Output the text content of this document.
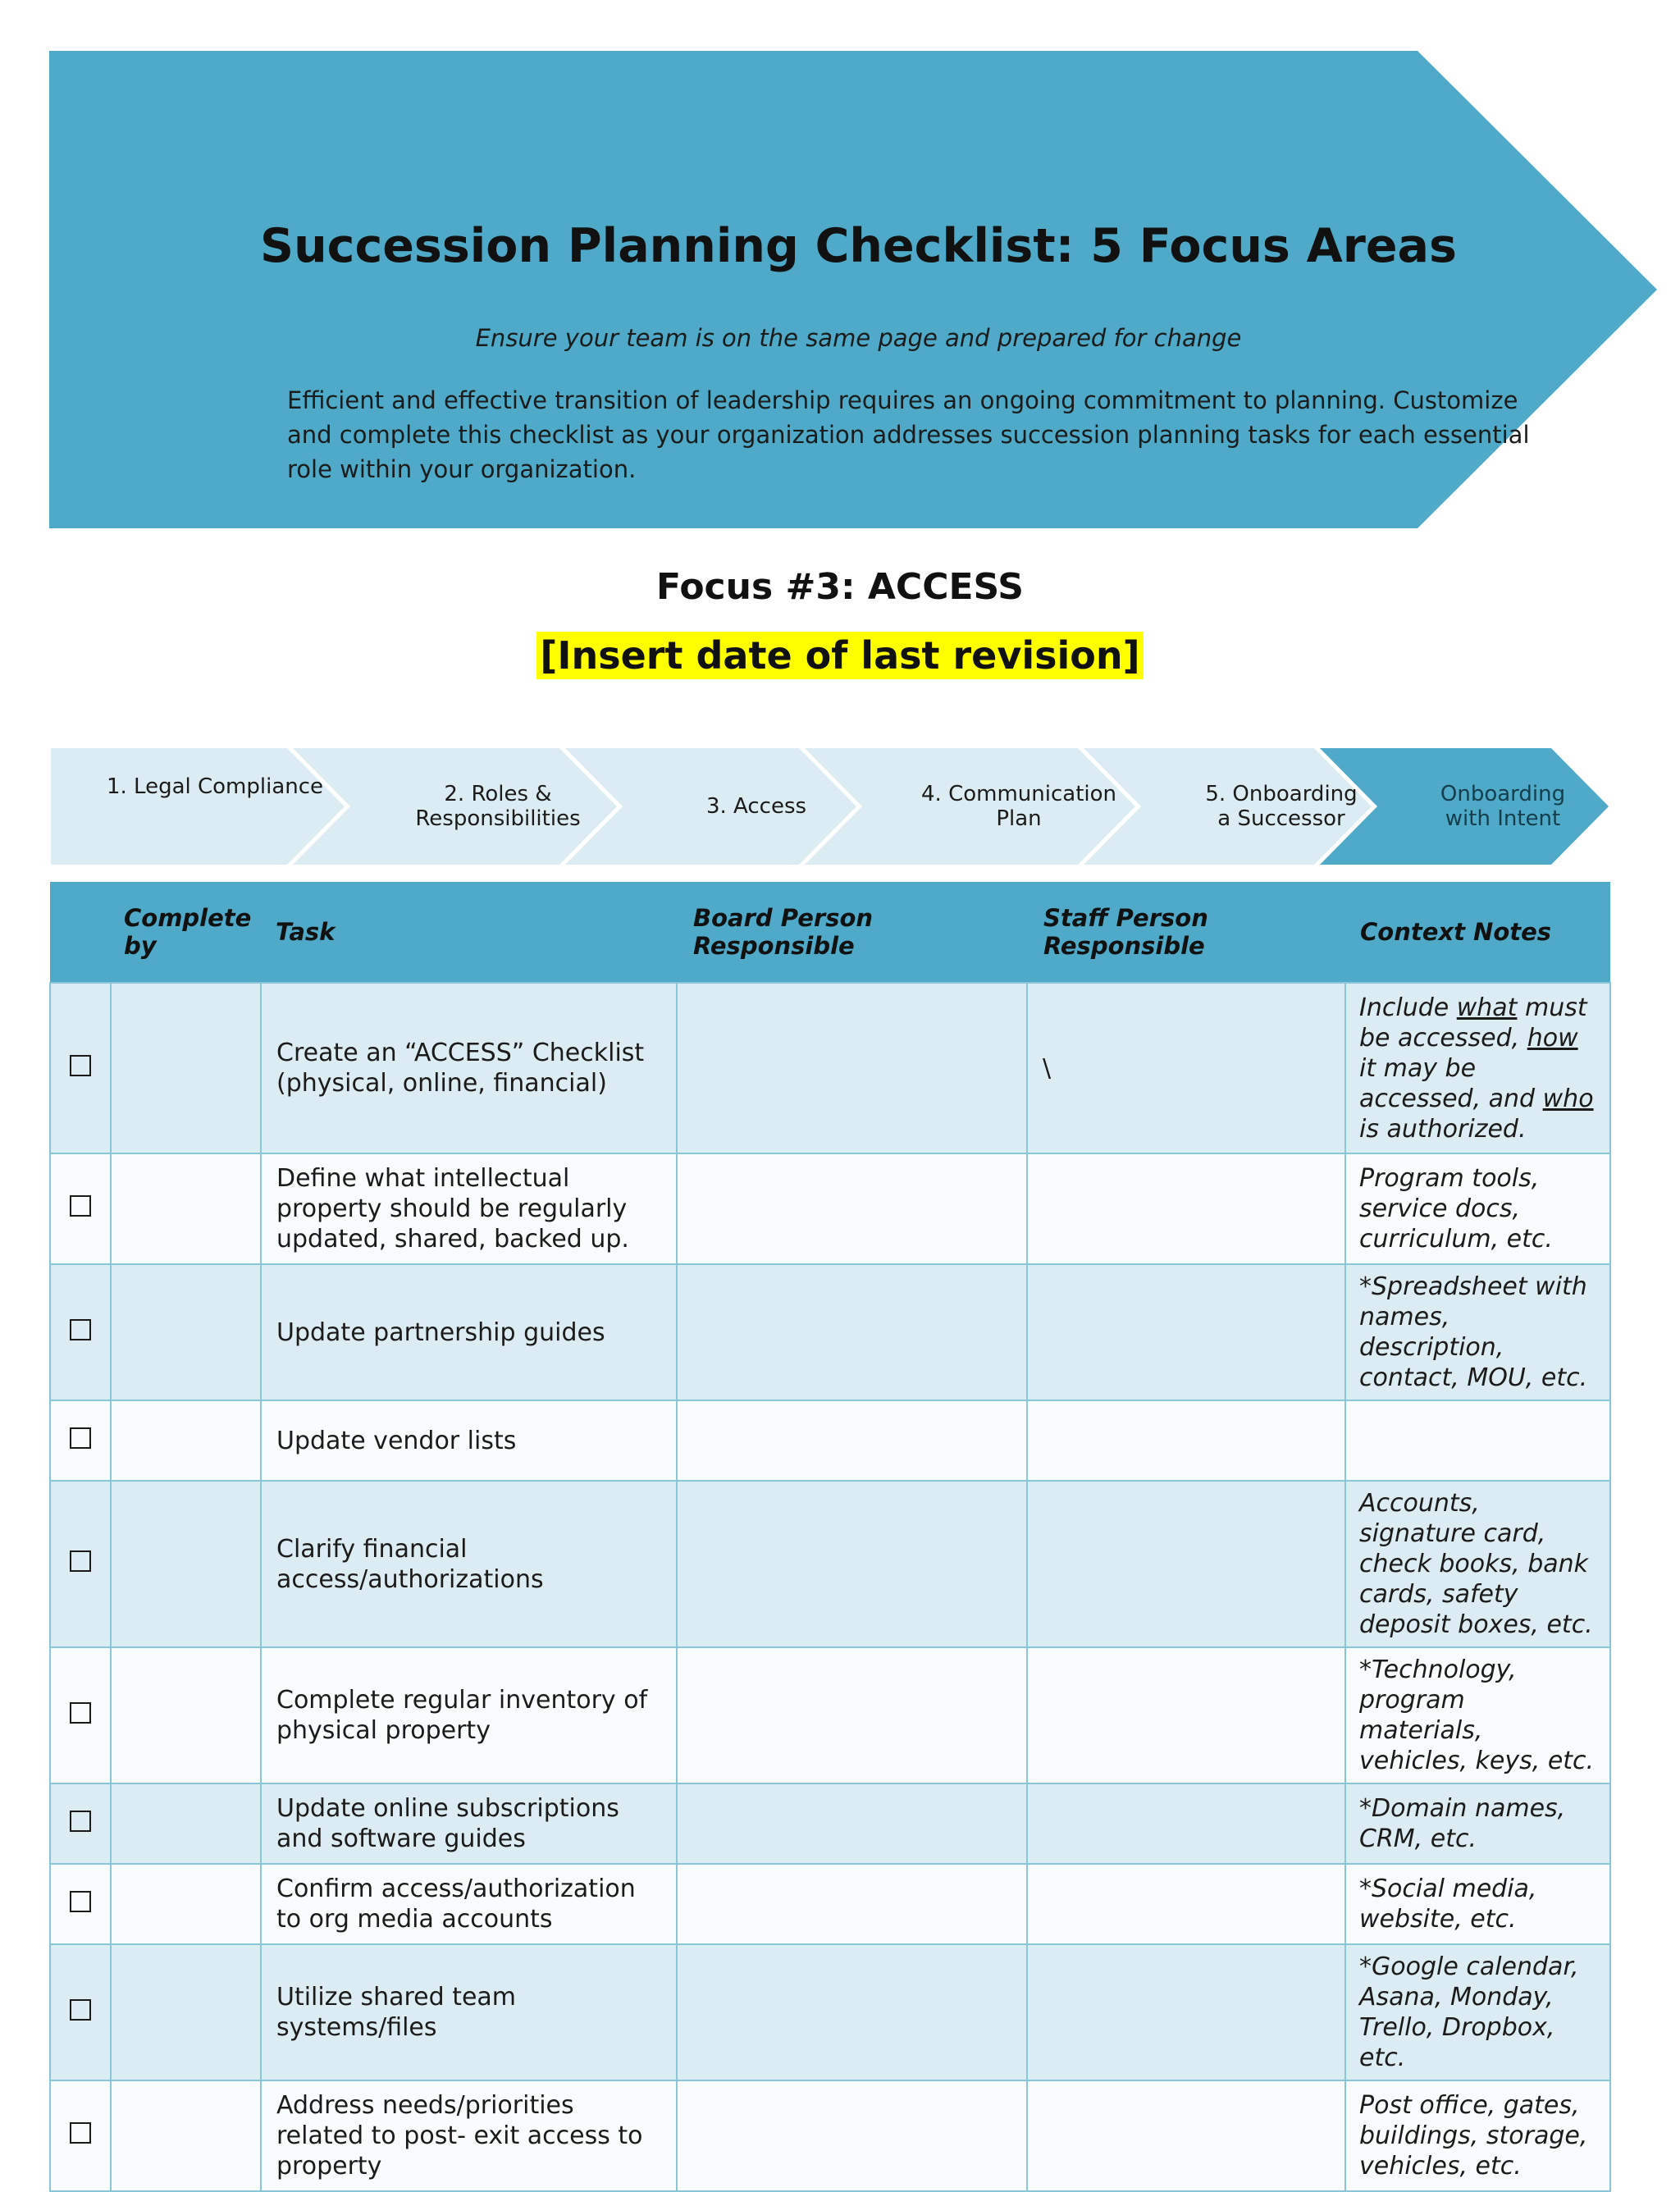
Succession Planning Checklist: 5 Focus Areas
Ensure your team is on the same page and prepared for change
Efficient and effective transition of leadership requires an ongoing commitment to planning. Customize and complete this checklist as your organization addresses succession planning tasks for each essential role within your organization.
Focus #3: ACCESS
[Insert date of last revision]
1. Legal Compliance	2. Roles &
Responsibilities	3. Access	4. Communication
Plan
5. Onboarding
a Successor
Onboarding
with Intent
	Complete by	Task	Board Person Responsible	Staff Person Responsible	Context Notes
		Create an “ACCESS” Checklist (physical, online, financial)		\	Include what must be accessed, how it may be accessed, and who is authorized.
		Define what intellectual property should be regularly updated, shared, backed up.			Program tools, service docs, curriculum, etc.
		Update partnership guides			*Spreadsheet with names, description, contact, MOU, etc.
		Update vendor lists			
		Clarify financial access/authorizations			Accounts, signature card, check books, bank cards, safety deposit boxes, etc.
		Complete regular inventory of physical property			*Technology, program materials, vehicles, keys, etc.
		Update online subscriptions and software guides			*Domain names, CRM, etc.
		Confirm access/authorization to org media accounts			*Social media, website, etc.
		Utilize shared team systems/files			*Google calendar, Asana, Monday, Trello, Dropbox, etc.
		Address needs/priorities related to post- exit access to property			Post office, gates, buildings, storage, vehicles, etc.
